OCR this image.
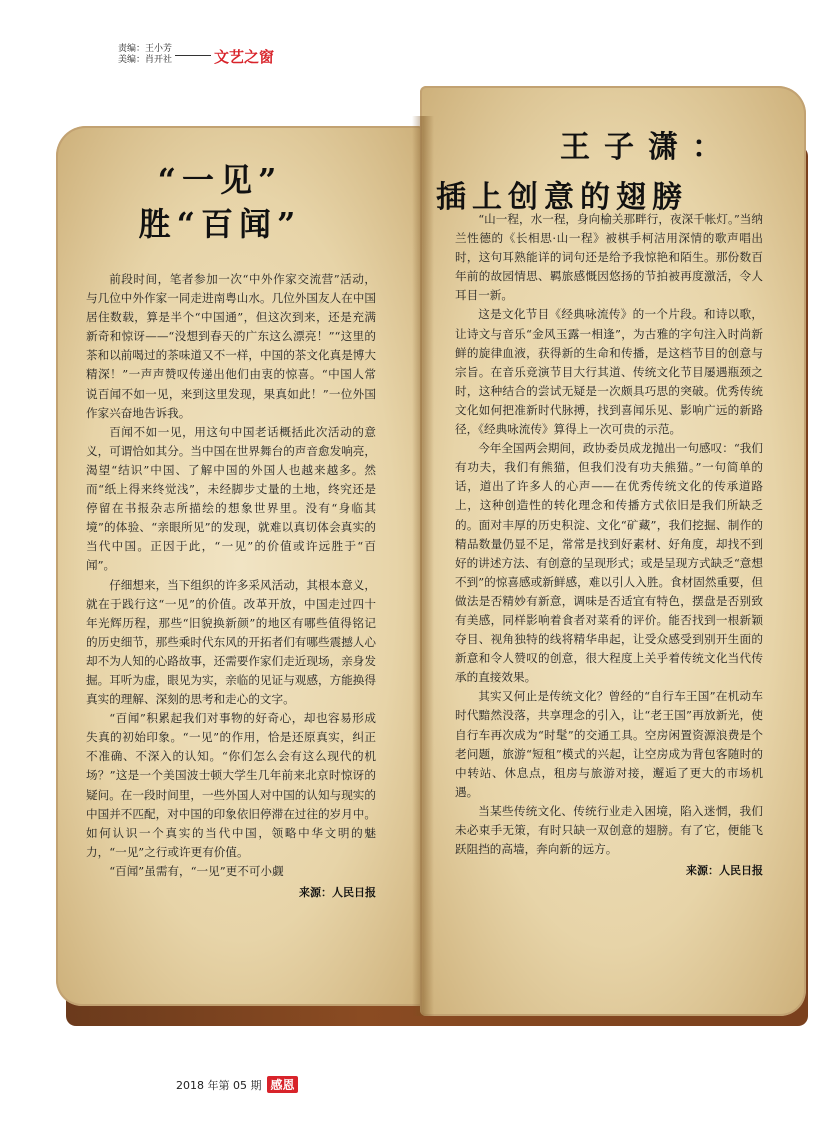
责编：王小芳
美编：肖开社	文艺之窗
“一见”
胜“百闻”

前段时间，笔者参加一次“中外作家交流营”活动，与几位中外作家一同走进南粤山水。几位外国友人在中国居住数载，算是半个“中国通”，但这次到来，还是充满新奇和惊讶——“没想到春天的广东这么漂亮！”“这里的茶和以前喝过的茶味道又不一样，中国的茶文化真是博大精深！”一声声赞叹传递出他们由衷的惊喜。“中国人常说百闻不如一见，来到这里发现，果真如此！”一位外国作家兴奋地告诉我。

百闻不如一见，用这句中国老话概括此次活动的意义，可谓恰如其分。当中国在世界舞台的声音愈发响亮，渴望“结识”中国、了解中国的外国人也越来越多。然而“纸上得来终觉浅”，未经脚步丈量的土地，终究还是停留在书报杂志所描绘的想象世界里。没有“身临其境”的体验、“亲眼所见”的发现，就难以真切体会真实的当代中国。正因于此，“一见”的价值或许远胜于“百闻”。

仔细想来，当下组织的许多采风活动，其根本意义，就在于践行这“一见”的价值。改革开放，中国走过四十年光辉历程，那些“旧貌换新颜”的地区有哪些值得铭记的历史细节，那些乘时代东风的开拓者们有哪些震撼人心却不为人知的心路故事，还需要作家们走近现场，亲身发掘。耳听为虚，眼见为实，亲临的见证与观感，方能换得真实的理解、深刻的思考和走心的文字。

“百闻”积累起我们对事物的好奇心，却也容易形成失真的初始印象。“一见”的作用，恰是还原真实，纠正不准确、不深入的认知。“你们怎么会有这么现代的机场？”这是一个美国波士顿大学生几年前来北京时惊讶的疑问。在一段时间里，一些外国人对中国的认知与现实的中国并不匹配，对中国的印象依旧停滞在过往的岁月中。如何认识一个真实的当代中国，领略中华文明的魅力，“一见”之行或许更有价值。

“百闻”虽需有，“一见”更不可小觑

来源：人民日报
王子潇：
插上创意的翅膀

“山一程，水一程，身向榆关那畔行，夜深千帐灯。”当纳兰性德的《长相思·山一程》被棋手柯洁用深情的歌声唱出时，这句耳熟能详的词句还是给予我惊艳和陌生。那份数百年前的故园情思、羁旅感慨因悠扬的节拍被再度激活，令人耳目一新。

这是文化节目《经典咏流传》的一个片段。和诗以歌，让诗文与音乐“金风玉露一相逢”，为古雅的字句注入时尚新鲜的旋律血液，获得新的生命和传播，是这档节目的创意与宗旨。在音乐竞演节目大行其道、传统文化节目屡遇瓶颈之时，这种结合的尝试无疑是一次颇具巧思的突破。优秀传统文化如何把准新时代脉搏，找到喜闻乐见、影响广远的新路径，《经典咏流传》算得上一次可贵的示范。

今年全国两会期间，政协委员成龙抛出一句感叹：“我们有功夫，我们有熊猫，但我们没有功夫熊猫。”一句简单的话，道出了许多人的心声——在优秀传统文化的传承道路上，这种创造性的转化理念和传播方式依旧是我们所缺乏的。面对丰厚的历史积淀、文化“矿藏”，我们挖掘、制作的精品数量仍显不足，常常是找到好素材、好角度，却找不到好的讲述方法、有创意的呈现形式；或是呈现方式缺乏“意想不到”的惊喜感或新鲜感，难以引人入胜。食材固然重要，但做法是否精妙有新意，调味是否适宜有特色，摆盘是否别致有美感，同样影响着食者对菜肴的评价。能否找到一根新颖夺目、视角独特的线将精华串起，让受众感受到别开生面的新意和令人赞叹的创意，很大程度上关乎着传统文化当代传承的直接效果。

其实又何止是传统文化？曾经的“自行车王国”在机动车时代黯然没落，共享理念的引入，让“老王国”再放新光，使自行车再次成为“时髦”的交通工具。空房闲置资源浪费是个老问题，旅游“短租”模式的兴起，让空房成为背包客随时的中转站、休息点，租房与旅游对接，邂逅了更大的市场机遇。

当某些传统文化、传统行业走入困境，陷入迷惘，我们未必束手无策，有时只缺一双创意的翅膀。有了它，便能飞跃阻挡的高墙，奔向新的远方。

来源：人民日报
2018 年第 05 期 感恩
